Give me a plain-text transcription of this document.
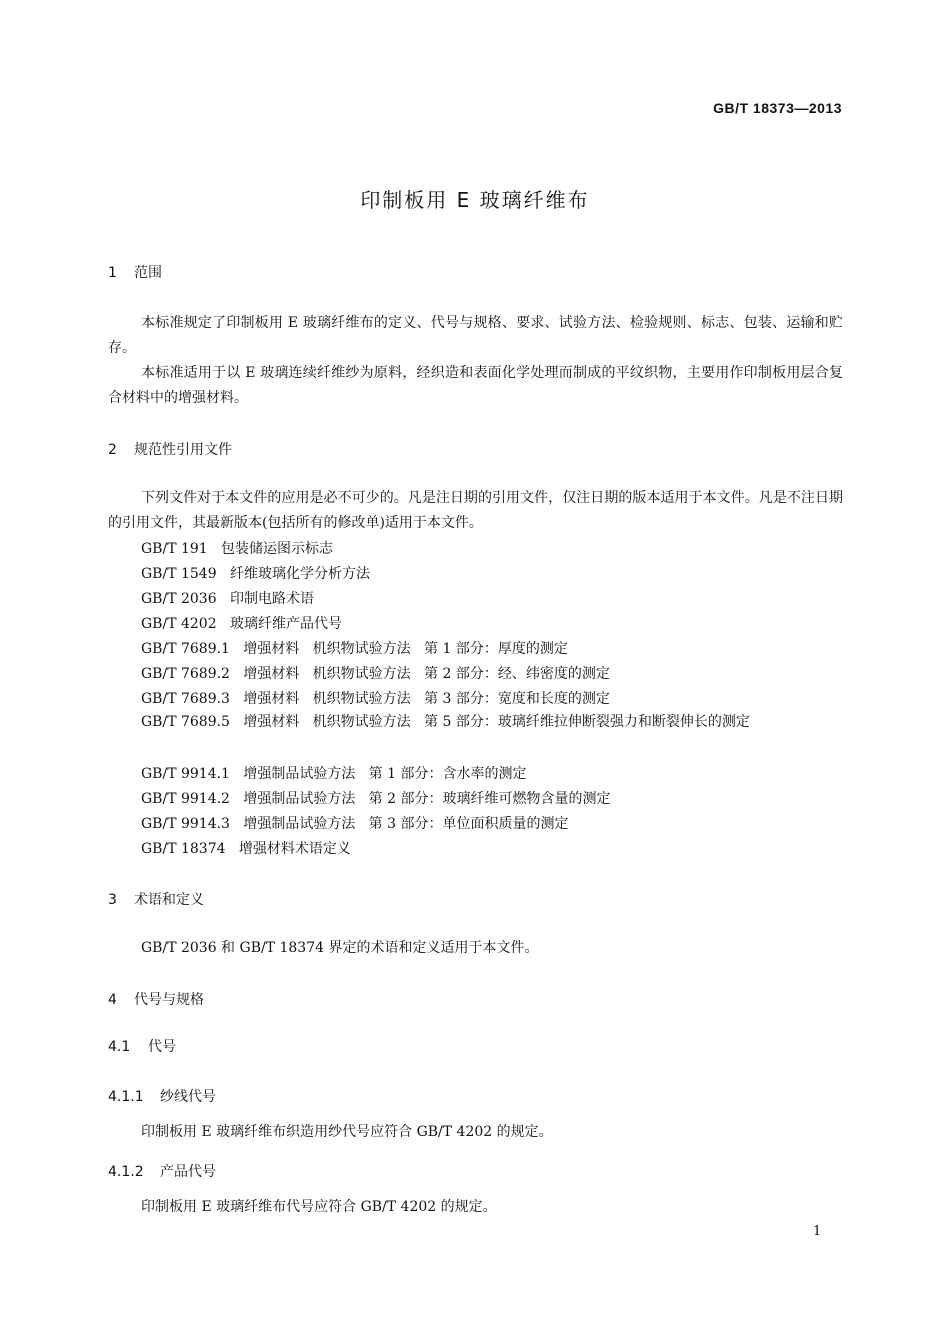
GB/T 18373—2013
印制板用 E 玻璃纤维布
1 范围
本标准规定了印制板用 E 玻璃纤维布的定义、代号与规格、要求、试验方法、检验规则、标志、包装、运输和贮存。
本标准适用于以 E 玻璃连续纤维纱为原料，经织造和表面化学处理而制成的平纹织物，主要用作印制板用层合复合材料中的增强材料。
2 规范性引用文件
下列文件对于本文件的应用是必不可少的。凡是注日期的引用文件，仅注日期的版本适用于本文件。凡是不注日期的引用文件，其最新版本(包括所有的修改单)适用于本文件。
GB/T 191   包装储运图示标志
GB/T 1549   纤维玻璃化学分析方法
GB/T 2036   印制电路术语
GB/T 4202   玻璃纤维产品代号
GB/T 7689.1   增强材料   机织物试验方法   第 1 部分：厚度的测定
GB/T 7689.2   增强材料   机织物试验方法   第 2 部分：经、纬密度的测定
GB/T 7689.3   增强材料   机织物试验方法   第 3 部分：宽度和长度的测定
GB/T 7689.5   增强材料   机织物试验方法   第 5 部分：玻璃纤维拉伸断裂强力和断裂伸长的测定
GB/T 9914.1   增强制品试验方法   第 1 部分：含水率的测定
GB/T 9914.2   增强制品试验方法   第 2 部分：玻璃纤维可燃物含量的测定
GB/T 9914.3   增强制品试验方法   第 3 部分：单位面积质量的测定
GB/T 18374   增强材料术语定义
3 术语和定义
GB/T 2036 和 GB/T 18374 界定的术语和定义适用于本文件。
4 代号与规格
4.1 代号
4.1.1 纱线代号
印制板用 E 玻璃纤维布织造用纱代号应符合 GB/T 4202 的规定。
4.1.2 产品代号
印制板用 E 玻璃纤维布代号应符合 GB/T 4202 的规定。
1
